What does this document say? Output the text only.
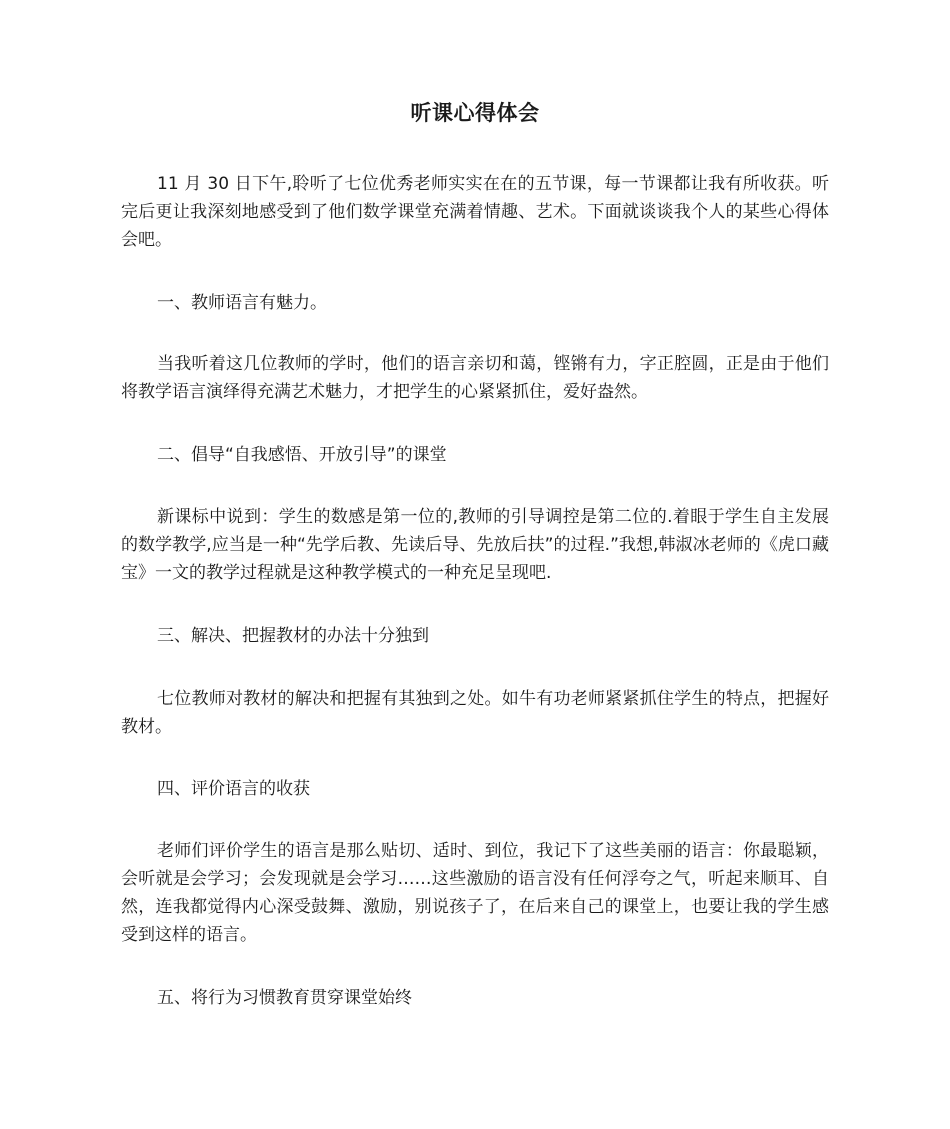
听课心得体会

11 月 30 日下午,聆听了七位优秀老师实实在在的五节课，每一节课都让我有所收获。听完后更让我深刻地感受到了他们数学课堂充满着情趣、艺术。下面就谈谈我个人的某些心得体会吧。

一、教师语言有魅力。

当我听着这几位教师的学时，他们的语言亲切和蔼，铿锵有力，字正腔圆，正是由于他们将教学语言演绎得充满艺术魅力，才把学生的心紧紧抓住，爱好盎然。

二、倡导“自我感悟、开放引导”的课堂

新课标中说到：学生的数感是第一位的,教师的引导调控是第二位的.着眼于学生自主发展的数学教学,应当是一种“先学后教、先读后导、先放后扶”的过程.”我想,韩淑冰老师的《虎口藏宝》一文的教学过程就是这种教学模式的一种充足呈现吧.

三、解决、把握教材的办法十分独到

七位教师对教材的解决和把握有其独到之处。如牛有功老师紧紧抓住学生的特点，把握好教材。

四、评价语言的收获

老师们评价学生的语言是那么贴切、适时、到位，我记下了这些美丽的语言：你最聪颖，会听就是会学习；会发现就是会学习……这些激励的语言没有任何浮夸之气，听起来顺耳、自然，连我都觉得内心深受鼓舞、激励，别说孩子了，在后来自己的课堂上，也要让我的学生感受到这样的语言。

五、将行为习惯教育贯穿课堂始终
